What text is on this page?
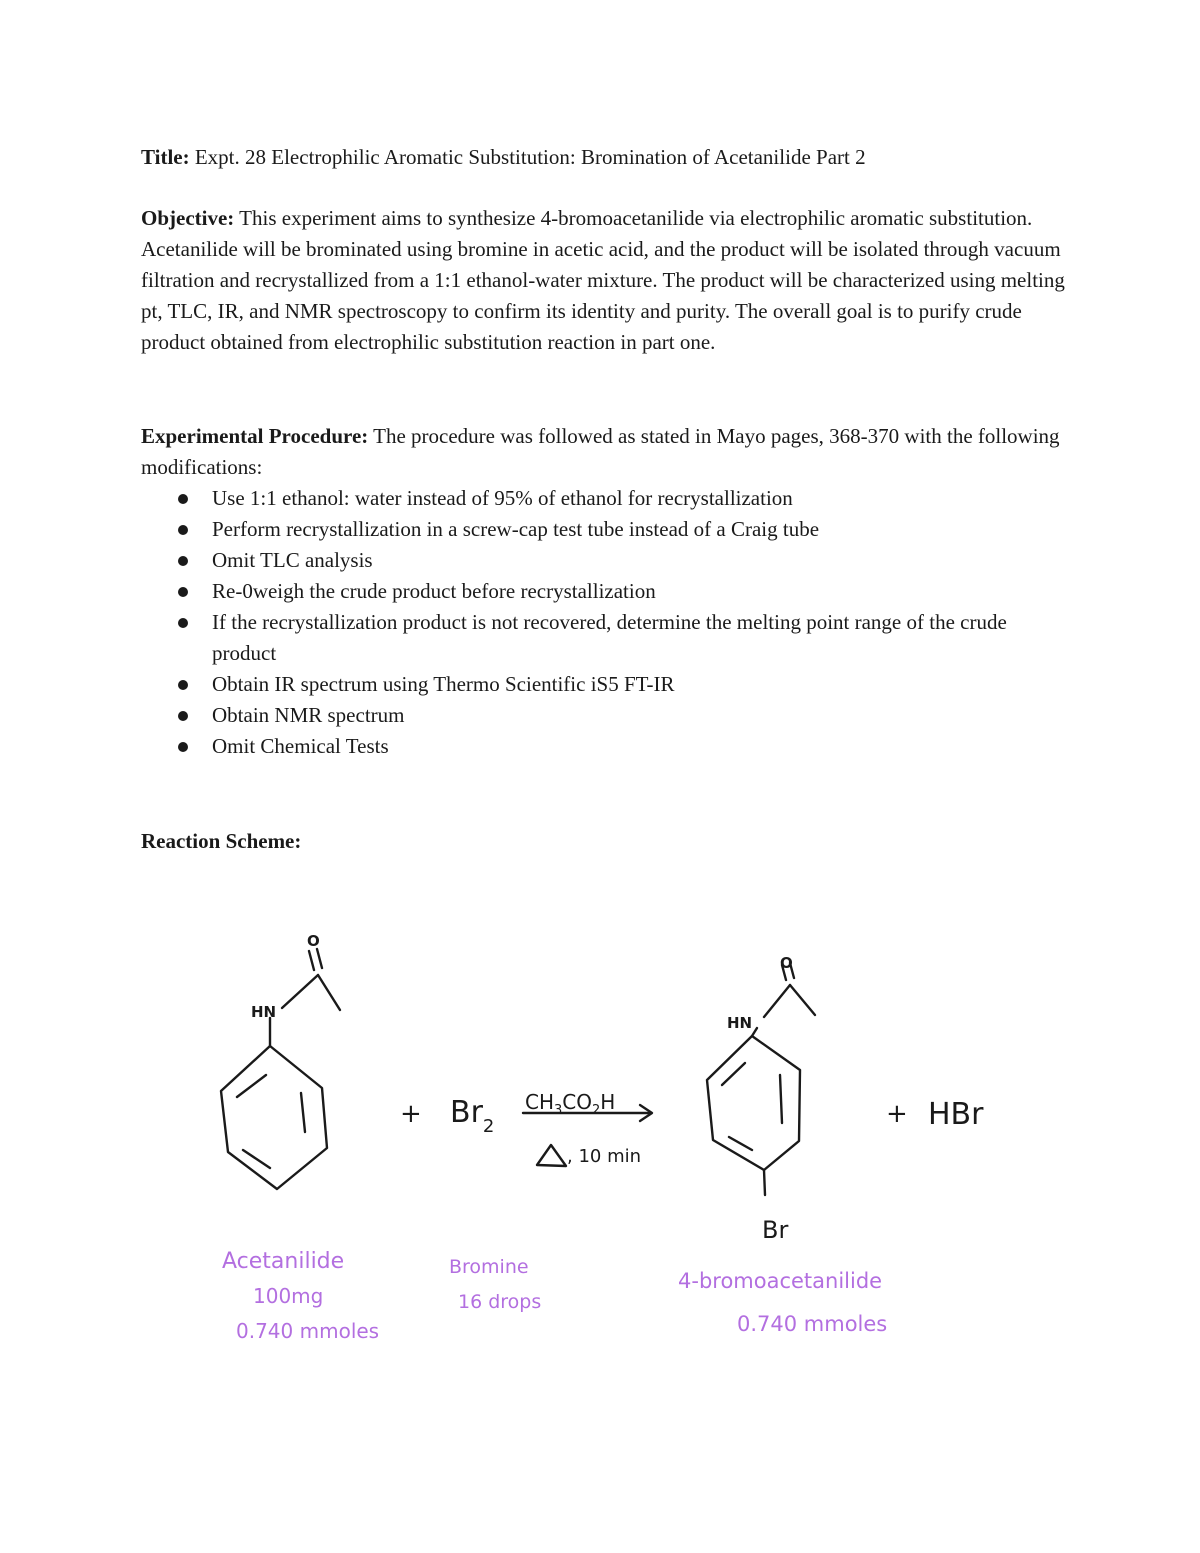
Title: Expt. 28 Electrophilic Aromatic Substitution: Bromination of Acetanilide Part 2
Objective: This experiment aims to synthesize 4-bromoacetanilide via electrophilic aromatic substitution. Acetanilide will be brominated using bromine in acetic acid, and the product will be isolated through vacuum filtration and recrystallized from a 1:1 ethanol-water mixture. The product will be characterized using melting pt, TLC, IR, and NMR spectroscopy to confirm its identity and purity. The overall goal is to purify crude product obtained from electrophilic substitution reaction in part one.
Experimental Procedure: The procedure was followed as stated in Mayo pages, 368-370 with the following modifications:
Use 1:1 ethanol: water instead of 95% of ethanol for recrystallization
Perform recrystallization in a screw-cap test tube instead of a Craig tube
Omit TLC analysis
Re-0weigh the crude product before recrystallization
If the recrystallization product is not recovered, determine the melting point range of the crude product
Obtain IR spectrum using Thermo Scientific iS5 FT-IR
Obtain NMR spectrum
Omit Chemical Tests
Reaction Scheme:
O
HN
O
HN
Br
+ $Br_2$
$CH_3CO_2H$
, 10 min
+ HBr
Acetanilide
100mg
0.740 mmoles
Bromine
16 drops
4-bromoacetanilide
0.740 mmoles
